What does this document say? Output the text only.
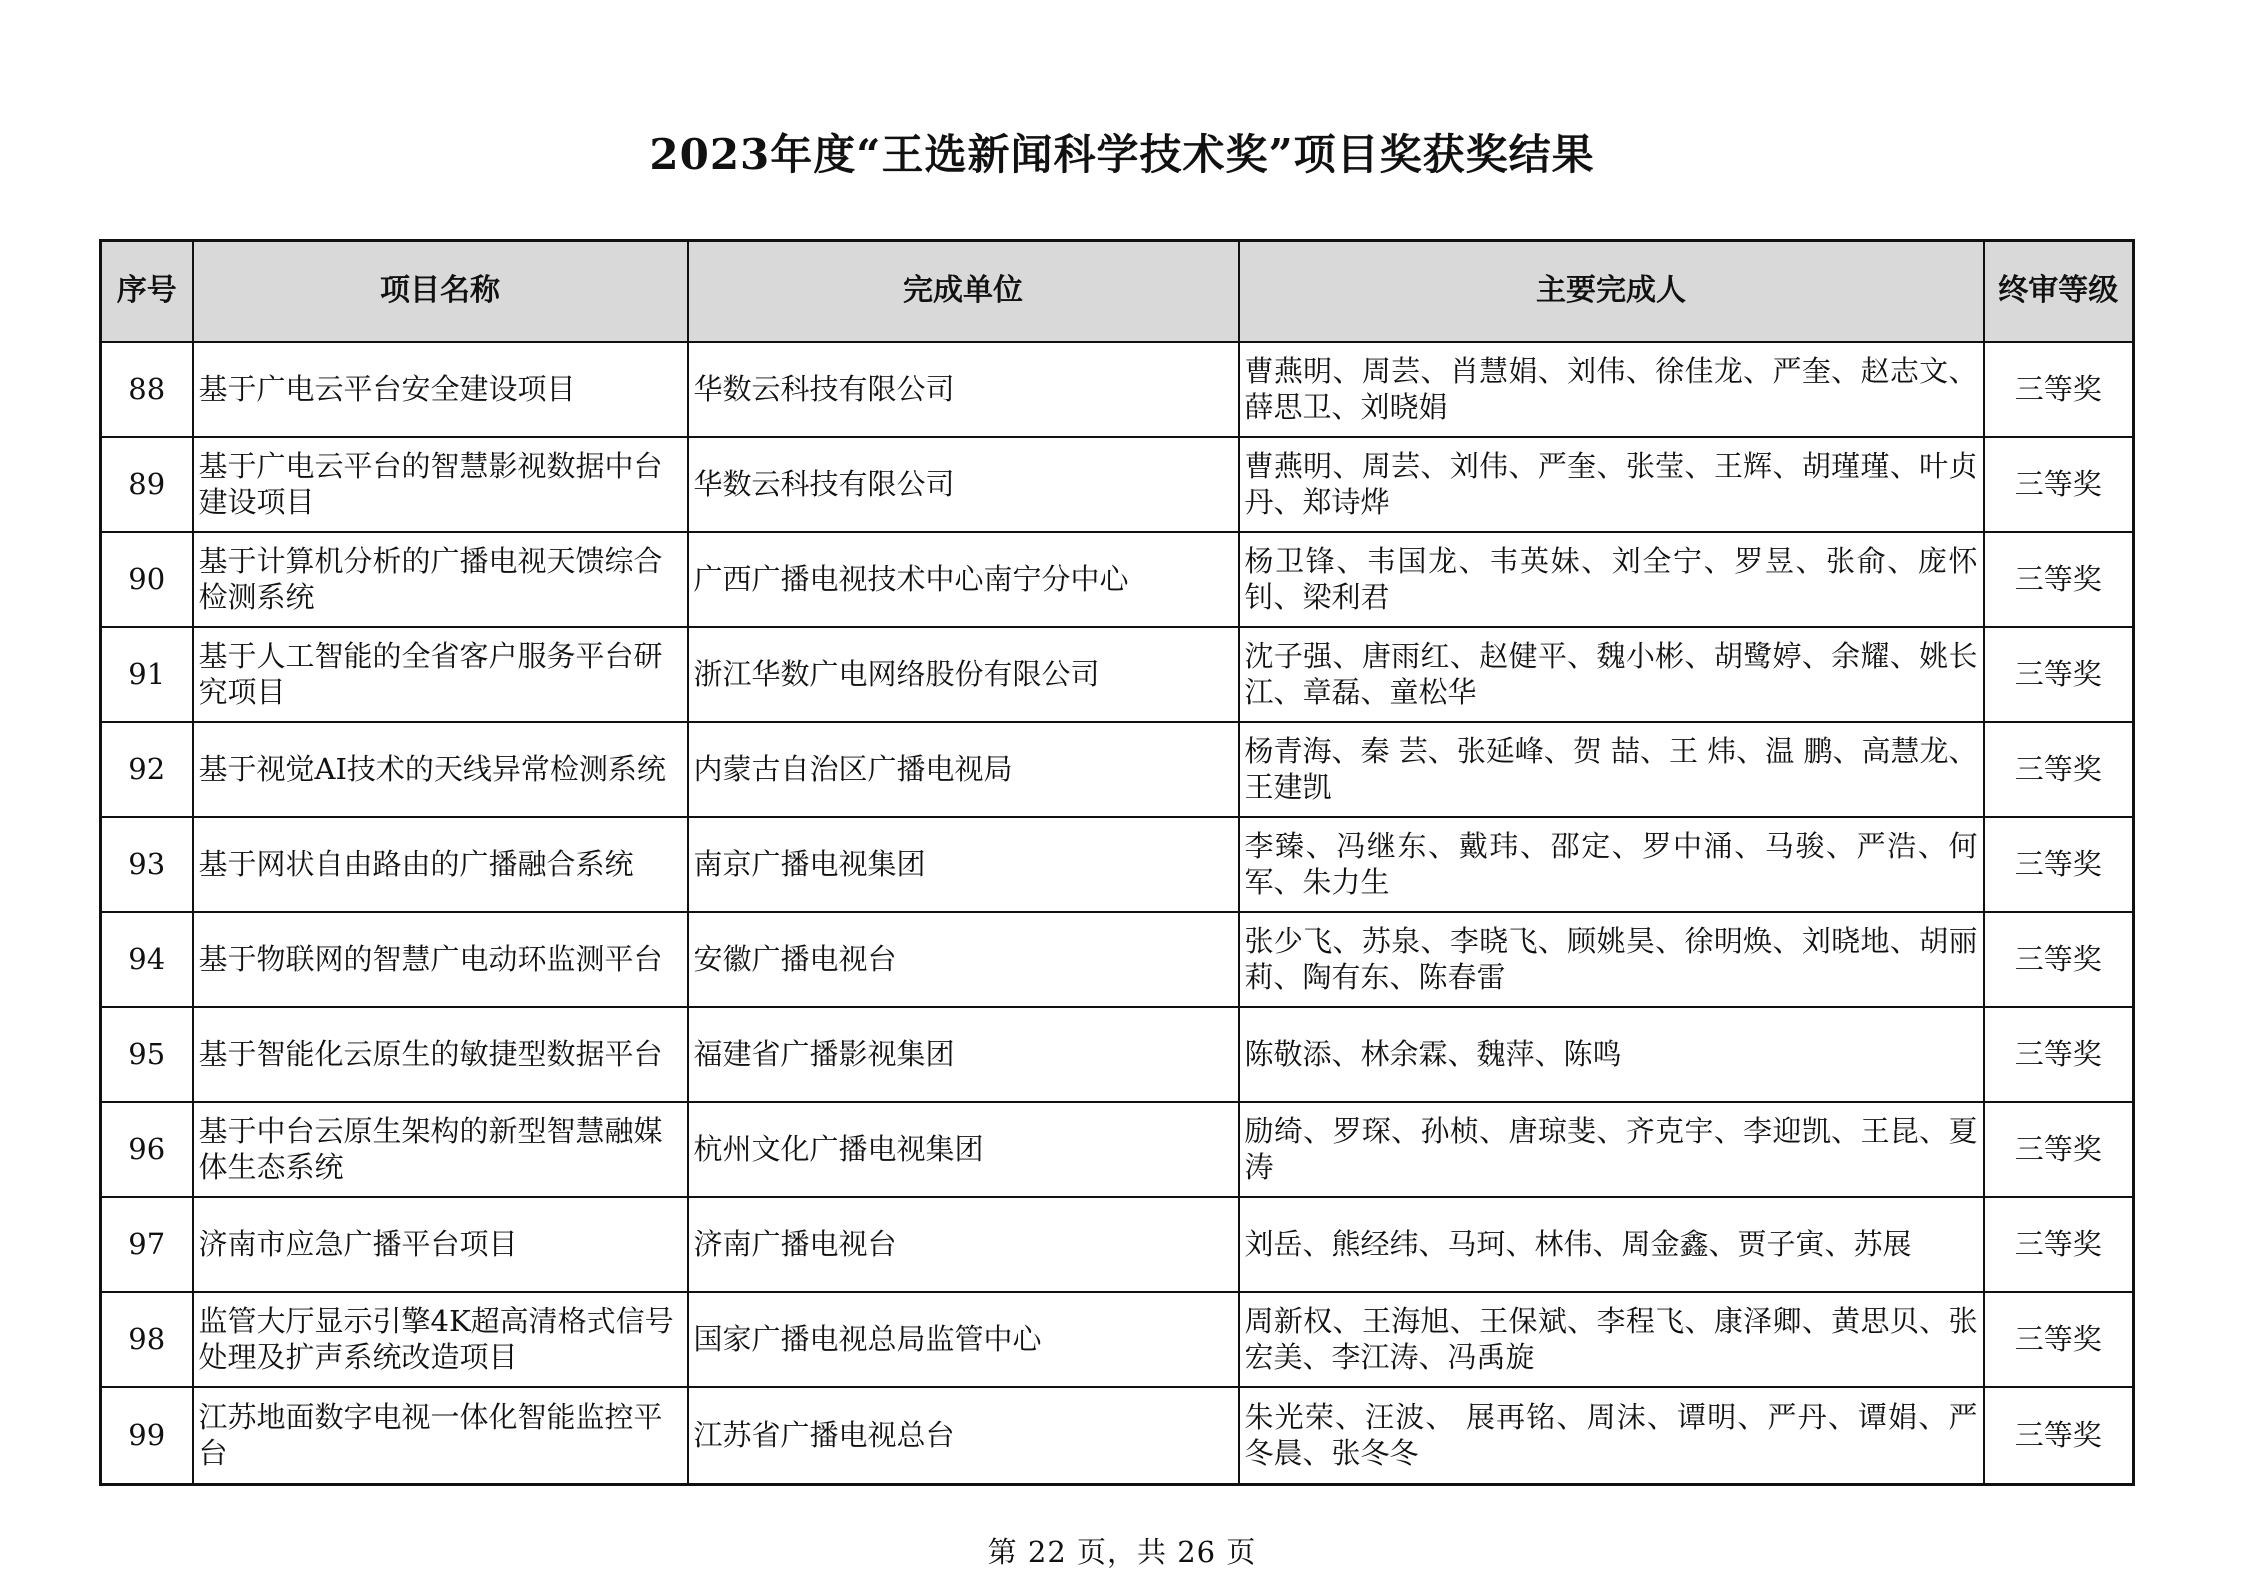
2023年度“王选新闻科学技术奖”项目奖获奖结果
序号	项目名称	完成单位	主要完成人	终审等级
88	基于广电云平台安全建设项目	华数云科技有限公司	曹燕明、周芸、肖慧娟、刘伟、徐佳龙、严奎、赵志文、薛思卫、刘晓娟	三等奖
89	基于广电云平台的智慧影视数据中台建设项目	华数云科技有限公司	曹燕明、周芸、刘伟、严奎、张莹、王辉、胡瑾瑾、叶贞丹、郑诗烨	三等奖
90	基于计算机分析的广播电视天馈综合检测系统	广西广播电视技术中心南宁分中心	杨卫锋、韦国龙、韦英妹、刘全宁、罗昱、张俞、庞怀钊、梁利君	三等奖
91	基于人工智能的全省客户服务平台研究项目	浙江华数广电网络股份有限公司	沈子强、唐雨红、赵健平、魏小彬、胡鹭婷、余耀、姚长江、章磊、童松华	三等奖
92	基于视觉AI技术的天线异常检测系统	内蒙古自治区广播电视局	杨青海、秦 芸、张延峰、贺 喆、王 炜、温 鹏、高慧龙、王建凯	三等奖
93	基于网状自由路由的广播融合系统	南京广播电视集团	李臻、冯继东、戴玮、邵定、罗中涌、马骏、严浩、何军、朱力生	三等奖
94	基于物联网的智慧广电动环监测平台	安徽广播电视台	张少飞、苏泉、李晓飞、顾姚昊、徐明焕、刘晓地、胡丽莉、陶有东、陈春雷	三等奖
95	基于智能化云原生的敏捷型数据平台	福建省广播影视集团	陈敬添、林余霖、魏萍、陈鸣	三等奖
96	基于中台云原生架构的新型智慧融媒体生态系统	杭州文化广播电视集团	励绮、罗琛、孙桢、唐琼斐、齐克宇、李迎凯、王昆、夏涛	三等奖
97	济南市应急广播平台项目	济南广播电视台	刘岳、熊经纬、马珂、林伟、周金鑫、贾子寅、苏展	三等奖
98	监管大厅显示引擎4K超高清格式信号处理及扩声系统改造项目	国家广播电视总局监管中心	周新权、王海旭、王保斌、李程飞、康泽卿、黄思贝、张宏美、李江涛、冯禹旋	三等奖
99	江苏地面数字电视一体化智能监控平台	江苏省广播电视总台	朱光荣、汪波、 展再铭、周沫、谭明、严丹、谭娟、严冬晨、张冬冬	三等奖
第 22 页，共 26 页
